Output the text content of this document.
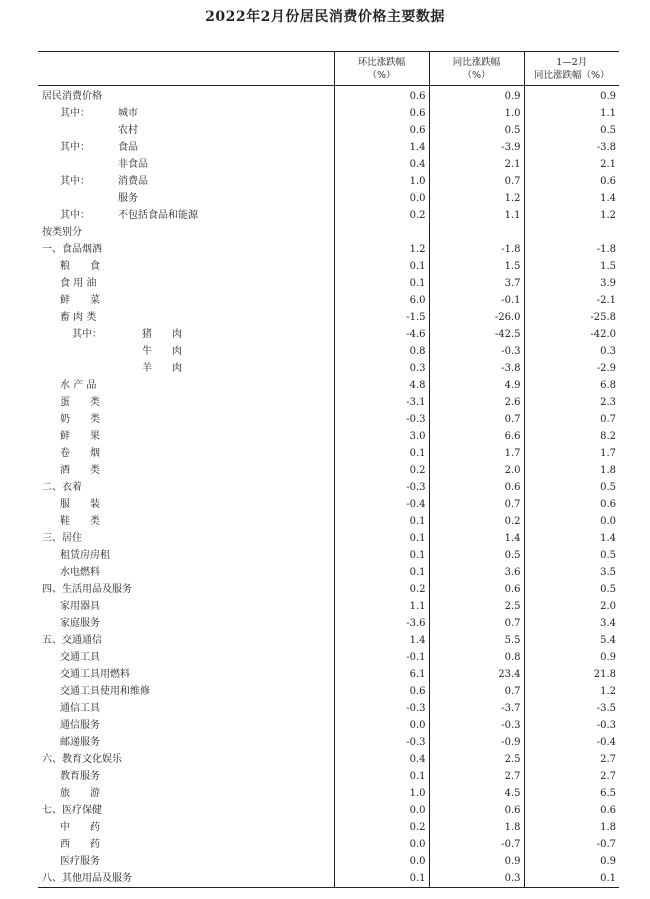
2022年2月份居民消费价格主要数据

	环比涨跌幅
（%）	同比涨跌幅
（%）	1—2月
同比涨跌幅（%）

居民消费价格	0.6	0.9	0.9
其中： 城市	0.6	1.0	1.1
农村	0.6	0.5	0.5
其中： 食品	1.4	-3.9	-3.8
非食品	0.4	2.1	2.1
其中： 消费品	1.0	0.7	0.6
服务	0.0	1.2	1.4
其中： 不包括食品和能源	0.2	1.1	1.2
按类别分			
一、食品烟酒	1.2	-1.8	-1.8
粮　　食	0.1	1.5	1.5
食 用 油	0.1	3.7	3.9
鲜　　菜	6.0	-0.1	-2.1
畜 肉 类	-1.5	-26.0	-25.8
其中： 猪　　肉	-4.6	-42.5	-42.0
牛　　肉	0.8	-0.3	0.3
羊　　肉	0.3	-3.8	-2.9
水 产 品	4.8	4.9	6.8
蛋　　类	-3.1	2.6	2.3
奶　　类	-0.3	0.7	0.7
鲜　　果	3.0	6.6	8.2
卷　　烟	0.1	1.7	1.7
酒　　类	0.2	2.0	1.8
二、衣着	-0.3	0.6	0.5
服　　装	-0.4	0.7	0.6
鞋　　类	0.1	0.2	0.0
三、居住	0.1	1.4	1.4
租赁房房租	0.1	0.5	0.5
水电燃料	0.1	3.6	3.5
四、生活用品及服务	0.2	0.6	0.5
家用器具	1.1	2.5	2.0
家庭服务	-3.6	0.7	3.4
五、交通通信	1.4	5.5	5.4
交通工具	-0.1	0.8	0.9
交通工具用燃料	6.1	23.4	21.8
交通工具使用和维修	0.6	0.7	1.2
通信工具	-0.3	-3.7	-3.5
通信服务	0.0	-0.3	-0.3
邮递服务	-0.3	-0.9	-0.4
六、教育文化娱乐	0.4	2.5	2.7
教育服务	0.1	2.7	2.7
旅　　游	1.0	4.5	6.5
七、医疗保健	0.0	0.6	0.6
中　　药	0.2	1.8	1.8
西　　药	0.0	-0.7	-0.7
医疗服务	0.0	0.9	0.9
八、其他用品及服务	0.1	0.3	0.1
